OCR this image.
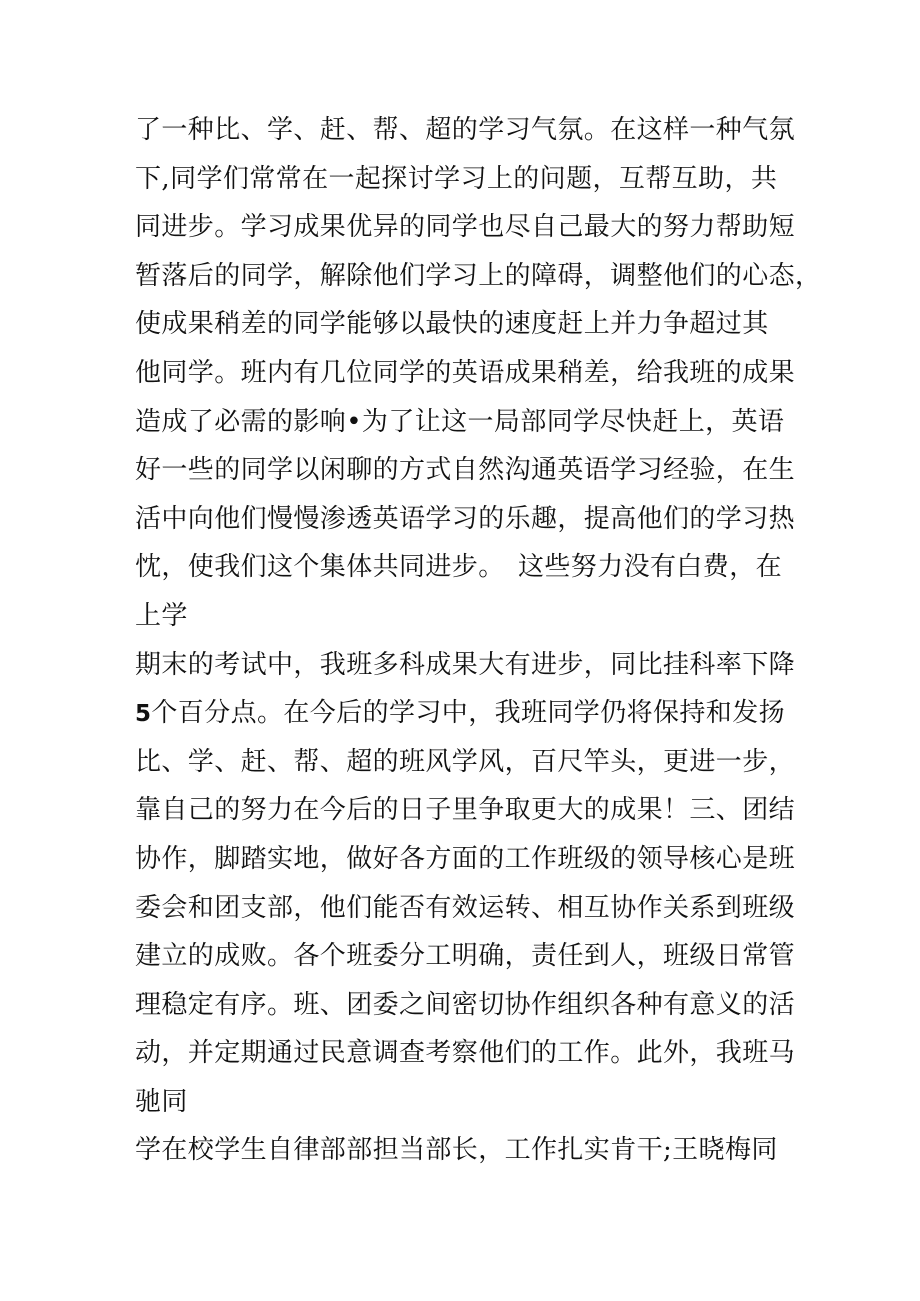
了一种比、学、赶、帮、超的学习气氛。在这样一种气氛
下,同学们常常在一起探讨学习上的问题，互帮互助，共
同进步。学习成果优异的同学也尽自己最大的努力帮助短
暂落后的同学，解除他们学习上的障碍，调整他们的心态，
使成果稍差的同学能够以最快的速度赶上并力争超过其
他同学。班内有几位同学的英语成果稍差，给我班的成果
造成了必需的影响•为了让这一局部同学尽快赶上，英语
好一些的同学以闲聊的方式自然沟通英语学习经验，在生
活中向他们慢慢渗透英语学习的乐趣，提高他们的学习热
忱，使我们这个集体共同进步。　这些努力没有白费，在
上学
期末的考试中，我班多科成果大有进步，同比挂科率下降
5个百分点。在今后的学习中，我班同学仍将保持和发扬
比、学、赶、帮、超的班风学风，百尺竿头，更进一步，
靠自己的努力在今后的日子里争取更大的成果！三、团结
协作，脚踏实地，做好各方面的工作班级的领导核心是班
委会和团支部，他们能否有效运转、相互协作关系到班级
建立的成败。各个班委分工明确，责任到人，班级日常管
理稳定有序。班、团委之间密切协作组织各种有意义的活
动，并定期通过民意调查考察他们的工作。此外，我班马
驰同
学在校学生自律部部担当部长，工作扎实肯干;王晓梅同
